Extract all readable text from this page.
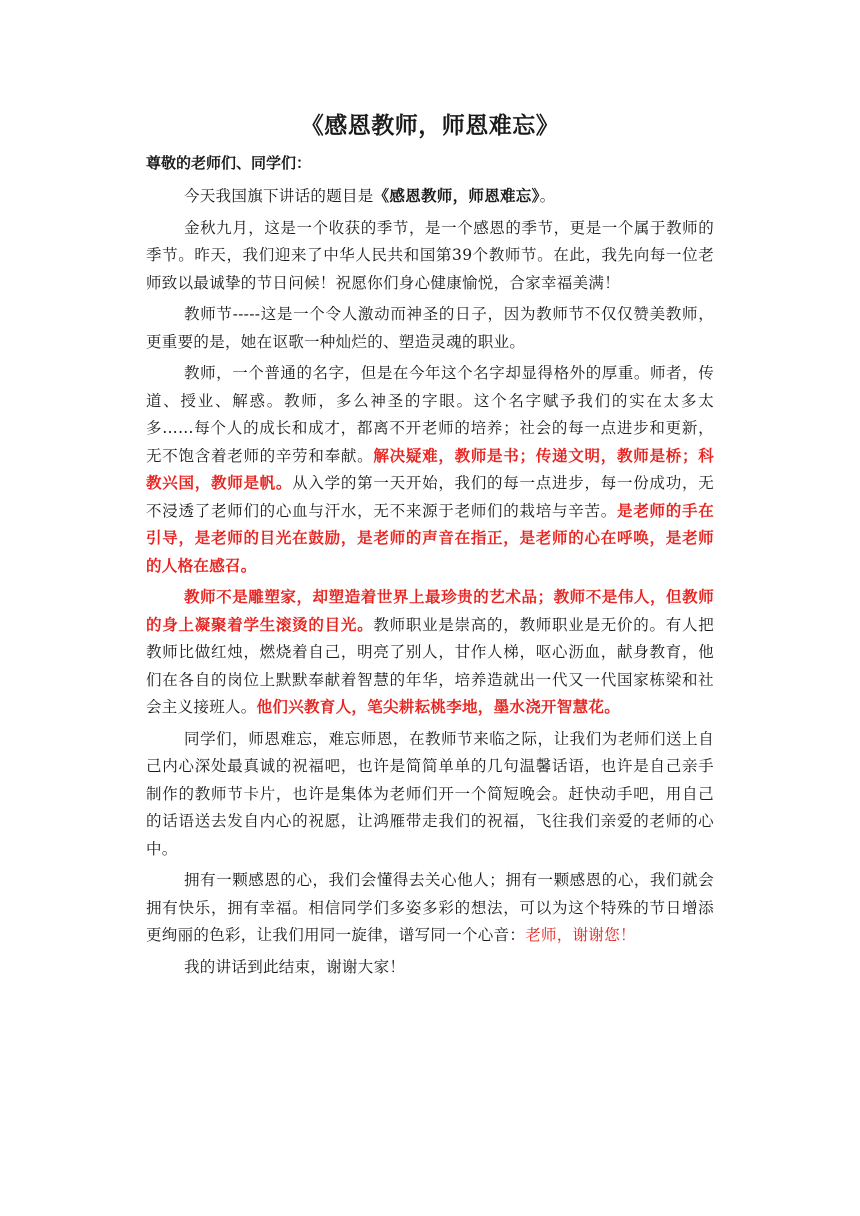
《感恩教师，师恩难忘》
尊敬的老师们、同学们：

今天我国旗下讲话的题目是《感恩教师，师恩难忘》。

金秋九月，这是一个收获的季节，是一个感恩的季节，更是一个属于教师的季节。昨天，我们迎来了中华人民共和国第39个教师节。在此，我先向每一位老师致以最诚挚的节日问候！祝愿你们身心健康愉悦，合家幸福美满！

教师节-----这是一个令人激动而神圣的日子，因为教师节不仅仅赞美教师，更重要的是，她在讴歌一种灿烂的、塑造灵魂的职业。

教师，一个普通的名字，但是在今年这个名字却显得格外的厚重。师者，传道、授业、解惑。教师，多么神圣的字眼。这个名字赋予我们的实在太多太多……每个人的成长和成才，都离不开老师的培养；社会的每一点进步和更新，无不饱含着老师的辛劳和奉献。解决疑难，教师是书；传递文明，教师是桥；科教兴国，教师是帆。从入学的第一天开始，我们的每一点进步，每一份成功，无不浸透了老师们的心血与汗水，无不来源于老师们的栽培与辛苦。是老师的手在引导，是老师的目光在鼓励，是老师的声音在指正，是老师的心在呼唤，是老师的人格在感召。

教师不是雕塑家，却塑造着世界上最珍贵的艺术品；教师不是伟人，但教师的身上凝聚着学生滚烫的目光。教师职业是崇高的，教师职业是无价的。有人把教师比做红烛，燃烧着自己，明亮了别人，甘作人梯，呕心沥血，献身教育，他们在各自的岗位上默默奉献着智慧的年华，培养造就出一代又一代国家栋梁和社会主义接班人。他们兴教育人，笔尖耕耘桃李地，墨水浇开智慧花。

同学们，师恩难忘，难忘师恩，在教师节来临之际，让我们为老师们送上自己内心深处最真诚的祝福吧，也许是简简单单的几句温馨话语，也许是自己亲手制作的教师节卡片，也许是集体为老师们开一个简短晚会。赶快动手吧，用自己的话语送去发自内心的祝愿，让鸿雁带走我们的祝福，飞往我们亲爱的老师的心中。

拥有一颗感恩的心，我们会懂得去关心他人；拥有一颗感恩的心，我们就会拥有快乐，拥有幸福。相信同学们多姿多彩的想法，可以为这个特殊的节日增添更绚丽的色彩，让我们用同一旋律，谱写同一个心音：老师，谢谢您！

我的讲话到此结束，谢谢大家！
